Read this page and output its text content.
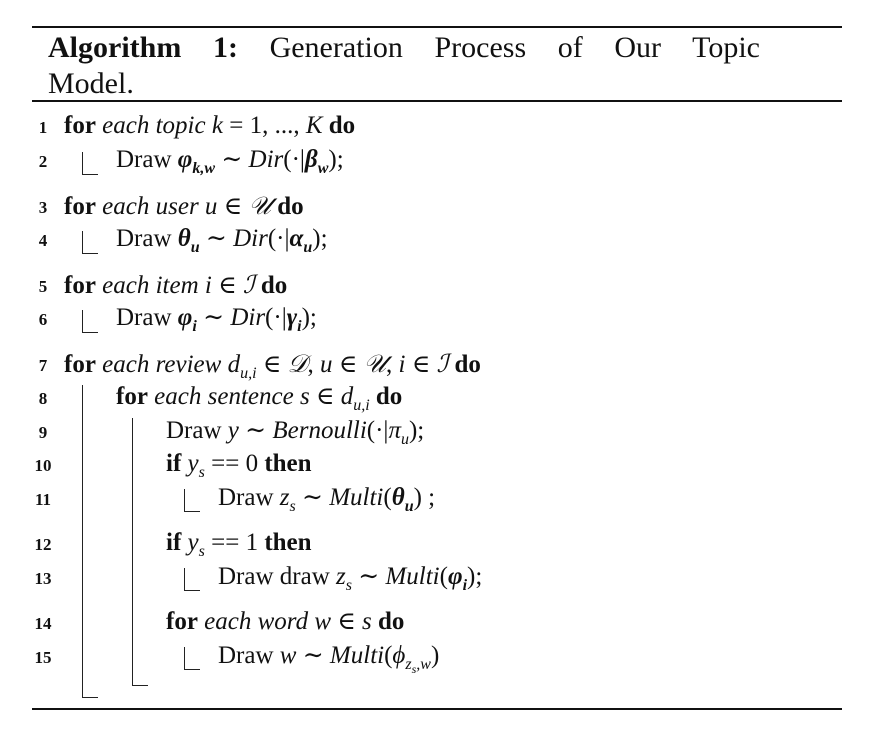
Algorithm 1: Generation Process of Our Topic Model.
1 for each topic k = 1, ..., K do
2	Draw $\varphi_{k,w}$ ∼ $Dir(\cdot|\beta_w)$;
3 for each user u ∈ 𝒰 do
4	Draw $\theta_u$ ∼ $Dir(\cdot|\alpha_u)$;
5 for each item i ∈ ℐ do
6	Draw $\varphi_i$ ∼ $Dir(\cdot|\gamma_i)$;
7 for each review $d_{u,i}$ ∈ 𝒟, u ∈ 𝒰, i ∈ ℐ do
8	for each sentence s ∈ $d_{u,i}$ do
9	Draw y ∼ $Bernoulli(\cdot|\pi_u)$;
10	if $y_s == 0$ then
11	Draw $z_s$ ∼ $Multi(\theta_u)$ ;
12	if $y_s == 1$ then
13	Draw draw $z_s$ ∼ $Multi(\varphi_i)$;
14	for each word w ∈ s do
15	Draw w ∼ $Multi(\phi_{z_s,w})$
